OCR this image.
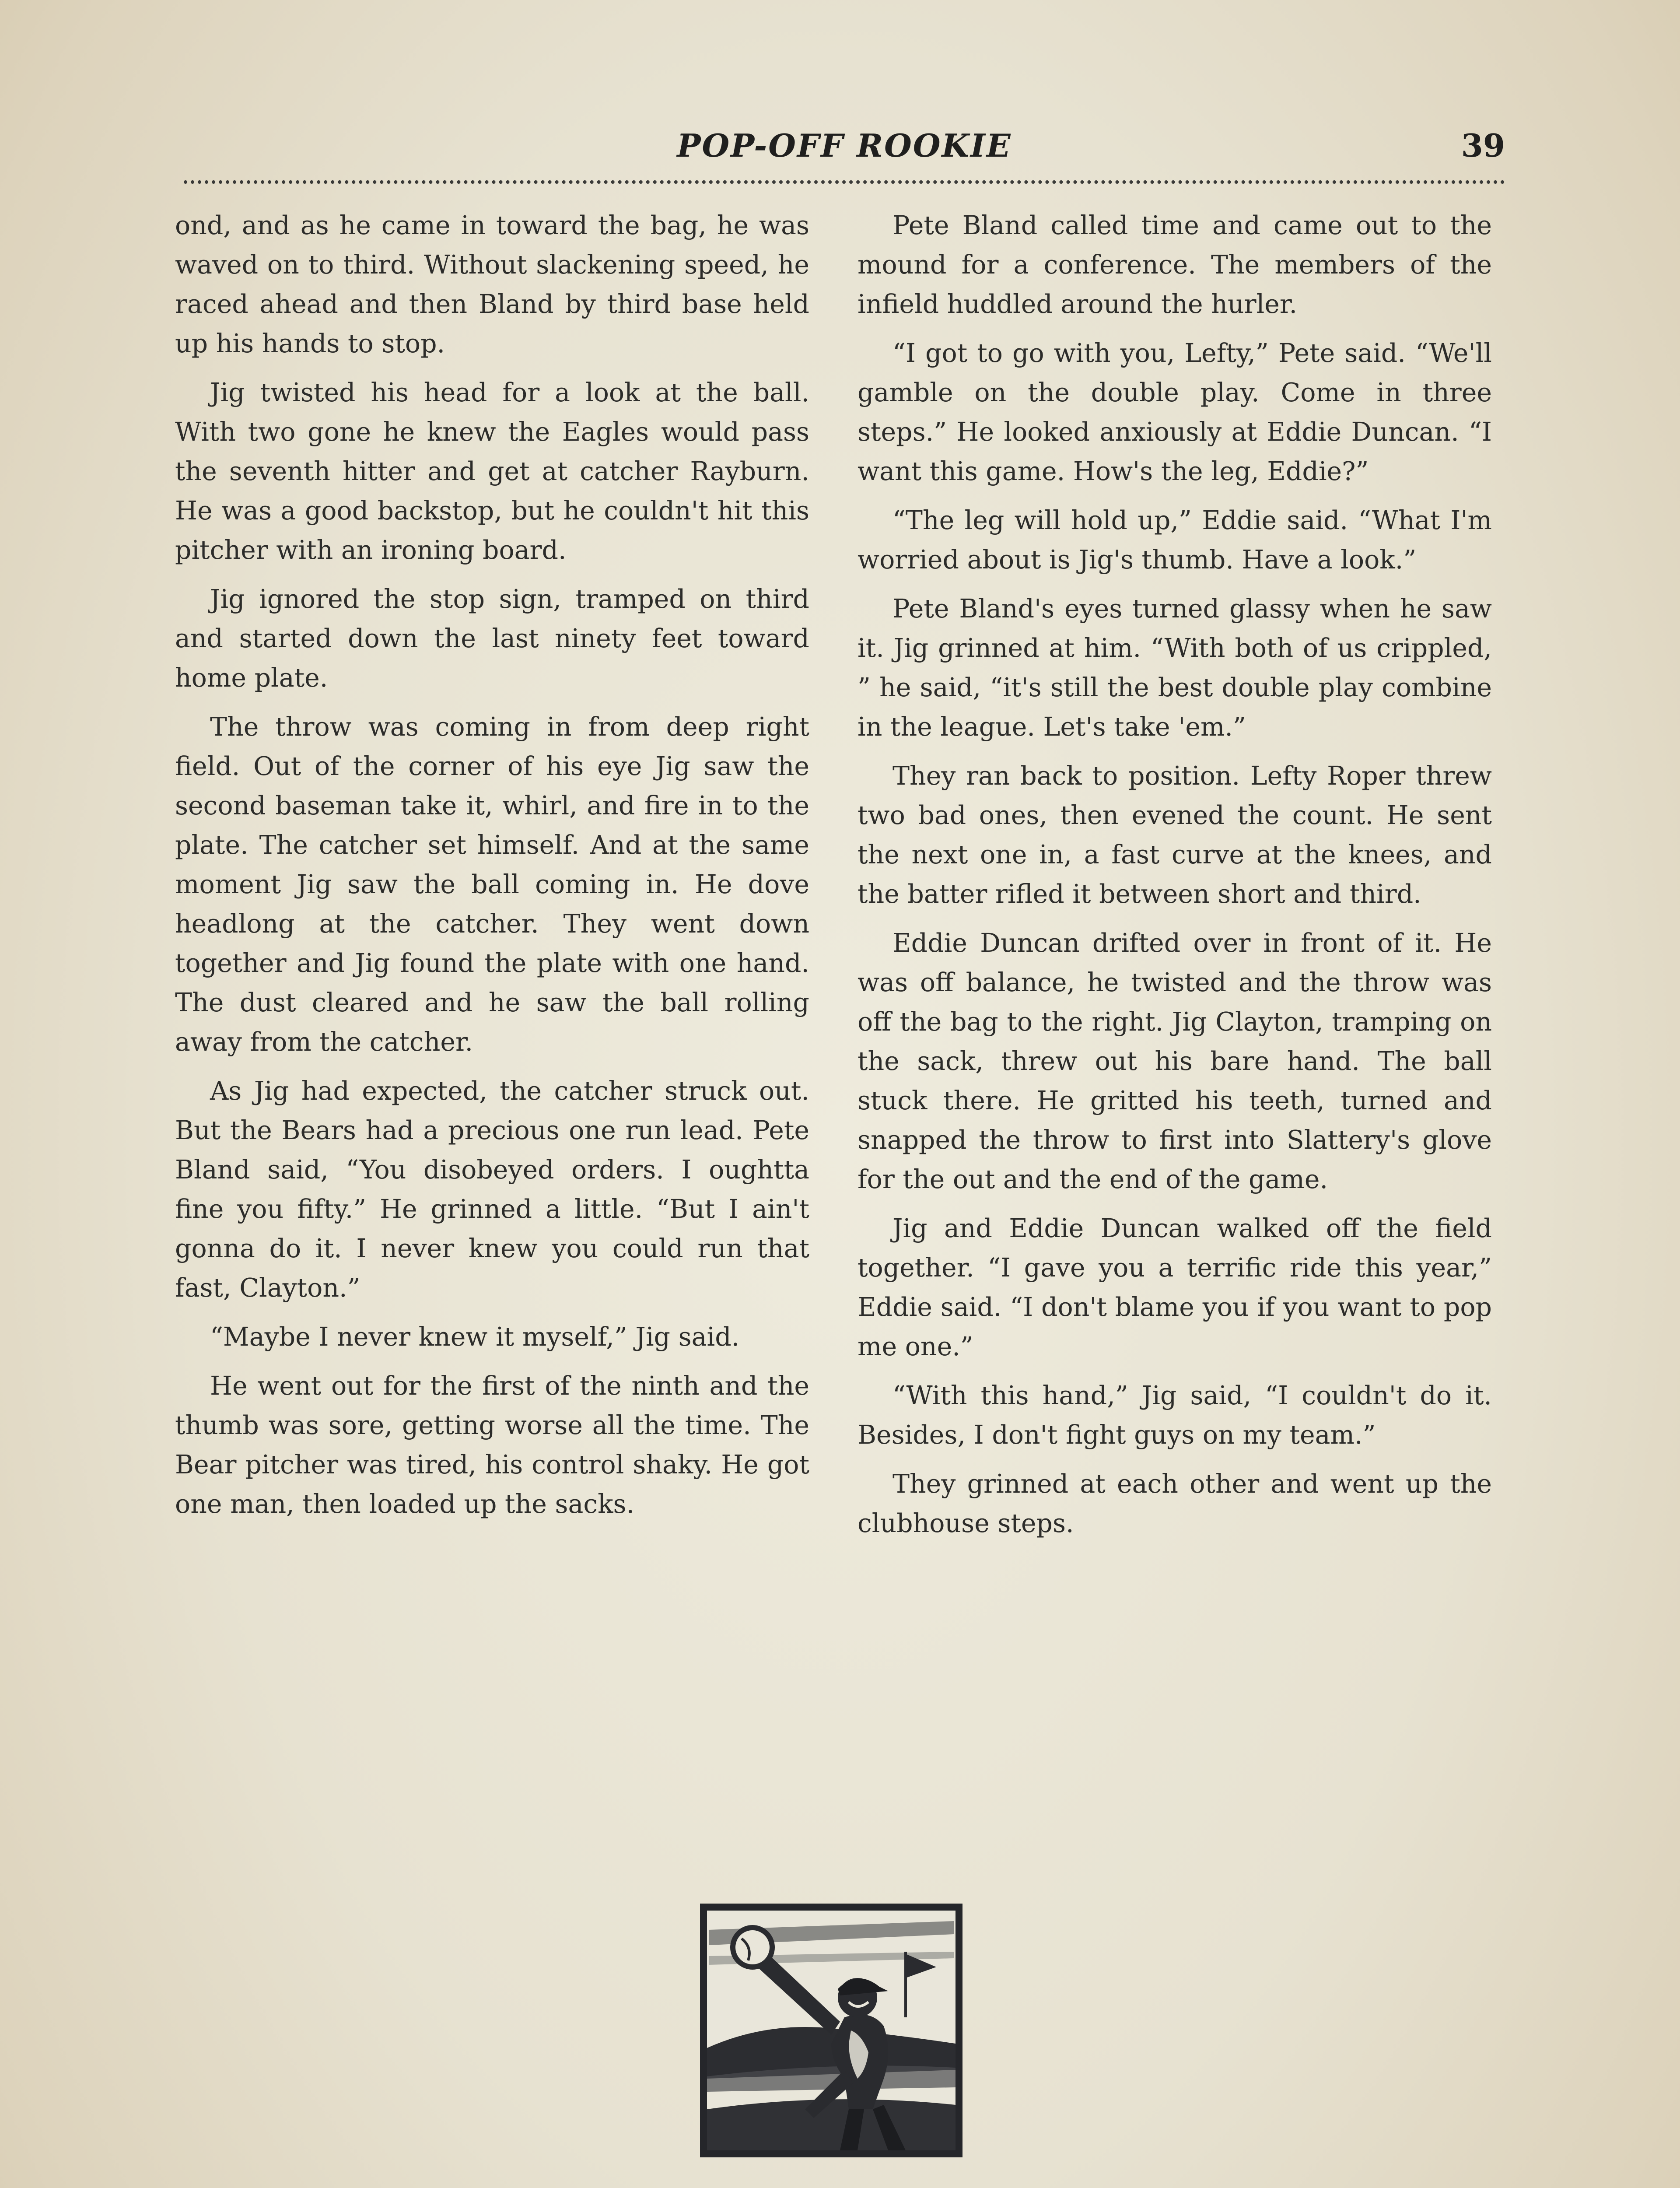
POP-OFF ROOKIE	39

ond, and as he came in toward the bag, he was waved on to third. Without slackening speed, he raced ahead and then Bland by third base held up his hands to stop.

Jig twisted his head for a look at the ball. With two gone he knew the Eagles would pass the seventh hitter and get at catcher Rayburn. He was a good backstop, but he couldn't hit this pitcher with an ironing board.

Jig ignored the stop sign, tramped on third and started down the last ninety feet toward home plate.

The throw was coming in from deep right field. Out of the corner of his eye Jig saw the second baseman take it, whirl, and fire in to the plate. The catcher set himself. And at the same moment Jig saw the ball coming in. He dove headlong at the catcher. They went down together and Jig found the plate with one hand. The dust cleared and he saw the ball rolling away from the catcher.

As Jig had expected, the catcher struck out. But the Bears had a precious one run lead. Pete Bland said, “You disobeyed orders. I oughtta fine you fifty.” He grinned a little. “But I ain't gonna do it. I never knew you could run that fast, Clayton.”

“Maybe I never knew it myself,” Jig said.

He went out for the first of the ninth and the thumb was sore, getting worse all the time. The Bear pitcher was tired, his control shaky. He got one man, then loaded up the sacks.

Pete Bland called time and came out to the mound for a conference. The members of the infield huddled around the hurler.

“I got to go with you, Lefty,” Pete said. “We'll gamble on the double play. Come in three steps.” He looked anxiously at Eddie Duncan. “I want this game. How's the leg, Eddie?”

“The leg will hold up,” Eddie said. “What I'm worried about is Jig's thumb. Have a look.”

Pete Bland's eyes turned glassy when he saw it. Jig grinned at him. “With both of us crippled, ” he said, “it's still the best double play combine in the league. Let's take 'em.”

They ran back to position. Lefty Roper threw two bad ones, then evened the count. He sent the next one in, a fast curve at the knees, and the batter rifled it between short and third.

Eddie Duncan drifted over in front of it. He was off balance, he twisted and the throw was off the bag to the right. Jig Clayton, tramping on the sack, threw out his bare hand. The ball stuck there. He gritted his teeth, turned and snapped the throw to first into Slattery's glove for the out and the end of the game.

Jig and Eddie Duncan walked off the field together. “I gave you a terrific ride this year,” Eddie said. “I don't blame you if you want to pop me one.”

“With this hand,” Jig said, “I couldn't do it. Besides, I don't fight guys on my team.”

They grinned at each other and went up the clubhouse steps.
